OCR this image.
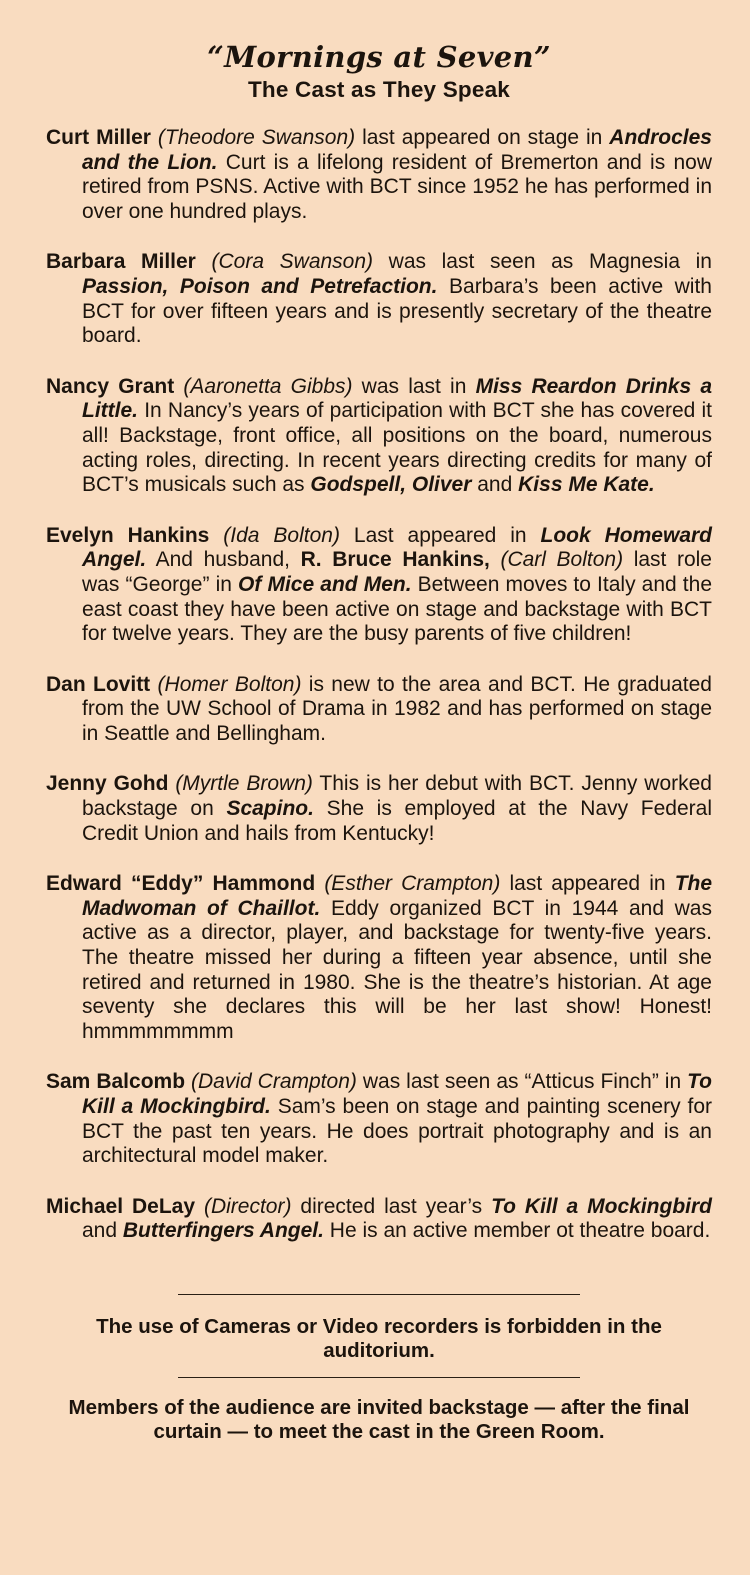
“Mornings at Seven”
The Cast as They Speak

Curt Miller (Theodore Swanson) last appeared on stage in Androcles and the Lion. Curt is a lifelong resident of Bremerton and is now retired from PSNS. Active with BCT since 1952 he has performed in over one hundred plays.

Barbara Miller (Cora Swanson) was last seen as Magnesia in Passion, Poison and Petrefaction. Barbara’s been active with BCT for over fifteen years and is presently secretary of the theatre board.

Nancy Grant (Aaronetta Gibbs) was last in Miss Reardon Drinks a Little. In Nancy’s years of participation with BCT she has covered it all! Backstage, front office, all positions on the board, numerous acting roles, directing. In recent years directing credits for many of BCT’s musicals such as Godspell, Oliver and Kiss Me Kate.

Evelyn Hankins (Ida Bolton) Last appeared in Look Homeward Angel. And husband, R. Bruce Hankins, (Carl Bolton) last role was “George” in Of Mice and Men. Between moves to Italy and the east coast they have been active on stage and backstage with BCT for twelve years. They are the busy parents of five children!

Dan Lovitt (Homer Bolton) is new to the area and BCT. He graduated from the UW School of Drama in 1982 and has performed on stage in Seattle and Bellingham.

Jenny Gohd (Myrtle Brown) This is her debut with BCT. Jenny worked backstage on Scapino. She is employed at the Navy Federal Credit Union and hails from Kentucky!

Edward “Eddy” Hammond (Esther Crampton) last appeared in The Madwoman of Chaillot. Eddy organized BCT in 1944 and was active as a director, player, and backstage for twenty-five years. The theatre missed her during a fifteen year absence, until she retired and returned in 1980. She is the theatre’s historian. At age seventy she declares this will be her last show! Honest! hmmmmmmmm

Sam Balcomb (David Crampton) was last seen as “Atticus Finch” in To Kill a Mockingbird. Sam’s been on stage and painting scenery for BCT the past ten years. He does portrait photography and is an architectural model maker.

Michael DeLay (Director) directed last year’s To Kill a Mockingbird and Butterfingers Angel. He is an active member ot theatre board.

The use of Cameras or Video recorders is forbidden in the auditorium.

Members of the audience are invited backstage — after the final curtain — to meet the cast in the Green Room.
